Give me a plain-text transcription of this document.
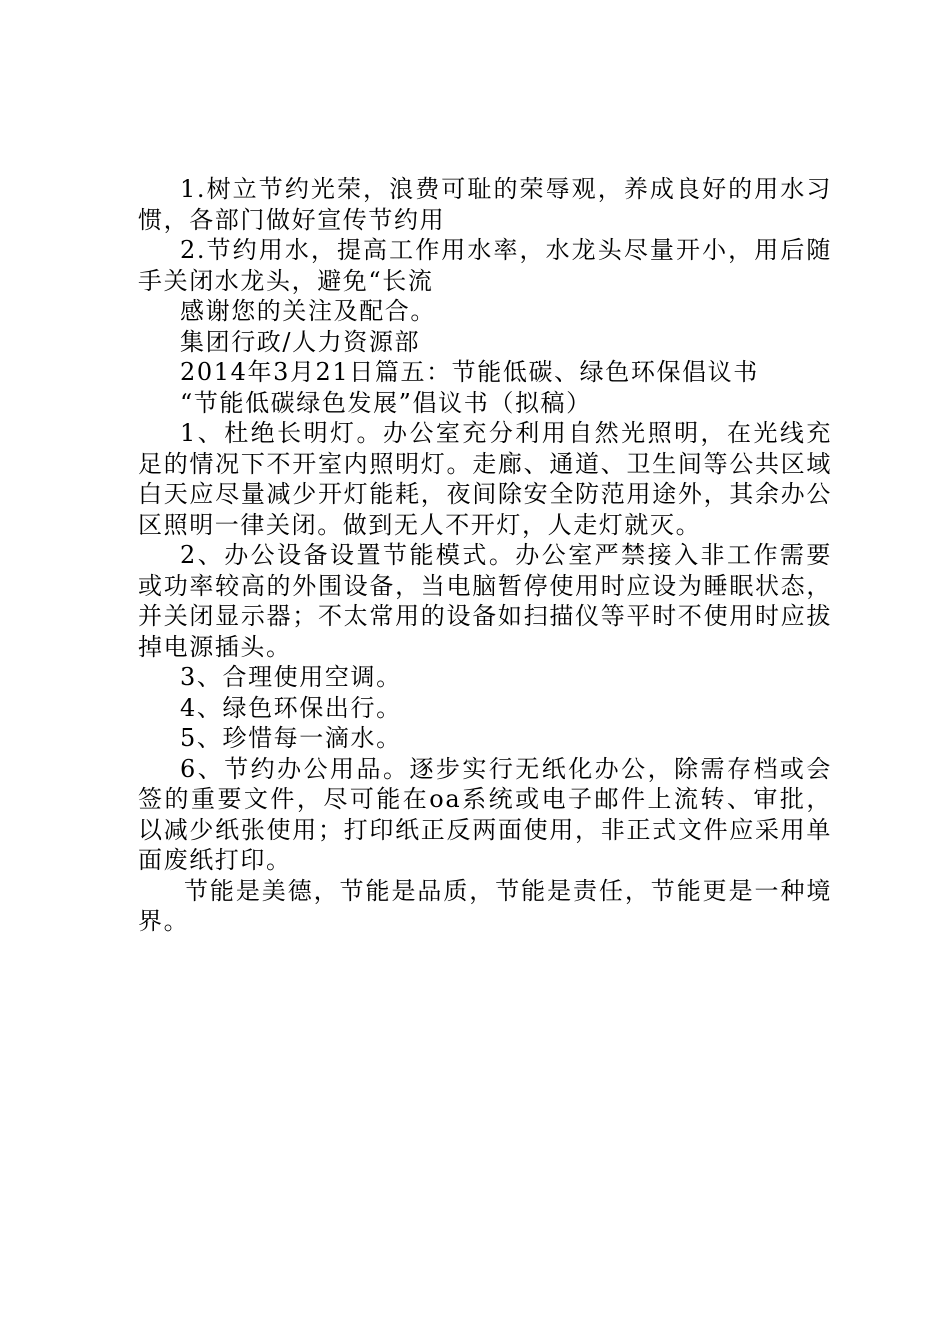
1.树立节约光荣，浪费可耻的荣辱观，养成良好的用水习惯，各部门做好宣传节约用

2.节约用水，提高工作用水率，水龙头尽量开小，用后随手关闭水龙头，避免“长流

感谢您的关注及配合。

集团行政/人力资源部

2014年3月21日篇五：节能低碳、绿色环保倡议书

“节能低碳绿色发展”倡议书（拟稿）

1、杜绝长明灯。办公室充分利用自然光照明，在光线充足的情况下不开室内照明灯。走廊、通道、卫生间等公共区域白天应尽量减少开灯能耗，夜间除安全防范用途外，其余办公区照明一律关闭。做到无人不开灯，人走灯就灭。

2、办公设备设置节能模式。办公室严禁接入非工作需要或功率较高的外围设备，当电脑暂停使用时应设为睡眠状态，并关闭显示器；不太常用的设备如扫描仪等平时不使用时应拔掉电源插头。

3、合理使用空调。

4、绿色环保出行。

5、珍惜每一滴水。

6、节约办公用品。逐步实行无纸化办公，除需存档或会签的重要文件，尽可能在oa系统或电子邮件上流转、审批，以减少纸张使用；打印纸正反两面使用，非正式文件应采用单面废纸打印。

节能是美德，节能是品质，节能是责任，节能更是一种境界。
